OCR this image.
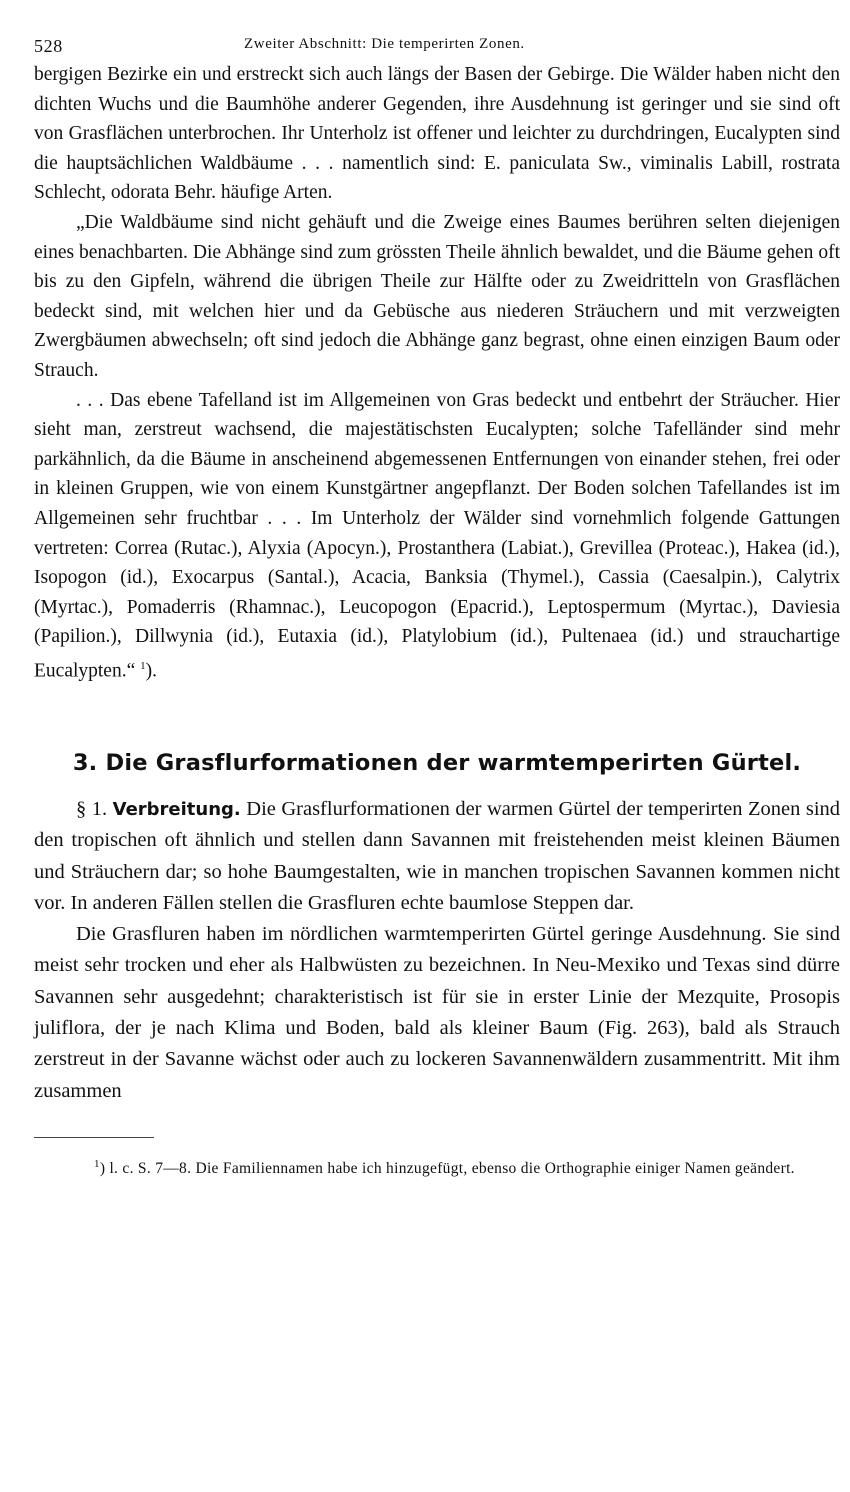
528	Zweiter Abschnitt: Die temperirten Zonen.

bergigen Bezirke ein und erstreckt sich auch längs der Basen der Gebirge. Die Wälder haben nicht den dichten Wuchs und die Baumhöhe anderer Gegenden, ihre Ausdehnung ist geringer und sie sind oft von Grasflächen unterbrochen. Ihr Unterholz ist offener und leichter zu durchdringen, Eucalypten sind die hauptsächlichen Waldbäume . . . namentlich sind: E. paniculata Sw., viminalis Labill, rostrata Schlecht, odorata Behr. häufige Arten.

„Die Waldbäume sind nicht gehäuft und die Zweige eines Baumes berühren selten diejenigen eines benachbarten. Die Abhänge sind zum grössten Theile ähnlich bewaldet, und die Bäume gehen oft bis zu den Gipfeln, während die übrigen Theile zur Hälfte oder zu Zweidritteln von Grasflächen bedeckt sind, mit welchen hier und da Gebüsche aus niederen Sträuchern und mit verzweigten Zwergbäumen abwechseln; oft sind jedoch die Abhänge ganz begrast, ohne einen einzigen Baum oder Strauch.

. . . Das ebene Tafelland ist im Allgemeinen von Gras bedeckt und entbehrt der Sträucher. Hier sieht man, zerstreut wachsend, die majestätischsten Eucalypten; solche Tafelländer sind mehr parkähnlich, da die Bäume in anscheinend abgemessenen Entfernungen von einander stehen, frei oder in kleinen Gruppen, wie von einem Kunstgärtner angepflanzt. Der Boden solchen Tafellandes ist im Allgemeinen sehr fruchtbar . . . Im Unterholz der Wälder sind vornehmlich folgende Gattungen vertreten: Correa (Rutac.), Alyxia (Apocyn.), Prostanthera (Labiat.), Grevillea (Proteac.), Hakea (id.), Isopogon (id.), Exocarpus (Santal.), Acacia, Banksia (Thymel.), Cassia (Caesalpin.), Calytrix (Myrtac.), Pomaderris (Rhamnac.), Leucopogon (Epacrid.), Leptospermum (Myrtac.), Daviesia (Papilion.), Dillwynia (id.), Eutaxia (id.), Platylobium (id.), Pultenaea (id.) und strauchartige Eucalypten.“ $^1$).

3. Die Grasflurformationen der warmtemperirten Gürtel.

§ 1. Verbreitung. Die Grasflurformationen der warmen Gürtel der temperirten Zonen sind den tropischen oft ähnlich und stellen dann Savannen mit freistehenden meist kleinen Bäumen und Sträuchern dar; so hohe Baumgestalten, wie in manchen tropischen Savannen kommen nicht vor. In anderen Fällen stellen die Grasfluren echte baumlose Steppen dar.

Die Grasfluren haben im nördlichen warmtemperirten Gürtel geringe Ausdehnung. Sie sind meist sehr trocken und eher als Halbwüsten zu bezeichnen. In Neu-Mexiko und Texas sind dürre Savannen sehr ausgedehnt; charakteristisch ist für sie in erster Linie der Mezquite, Prosopis juliflora, der je nach Klima und Boden, bald als kleiner Baum (Fig. 263), bald als Strauch zerstreut in der Savanne wächst oder auch zu lockeren Savannenwäldern zusammentritt. Mit ihm zusammen

$^1$) l. c. S. 7—8. Die Familiennamen habe ich hinzugefügt, ebenso die Orthographie einiger Namen geändert.
